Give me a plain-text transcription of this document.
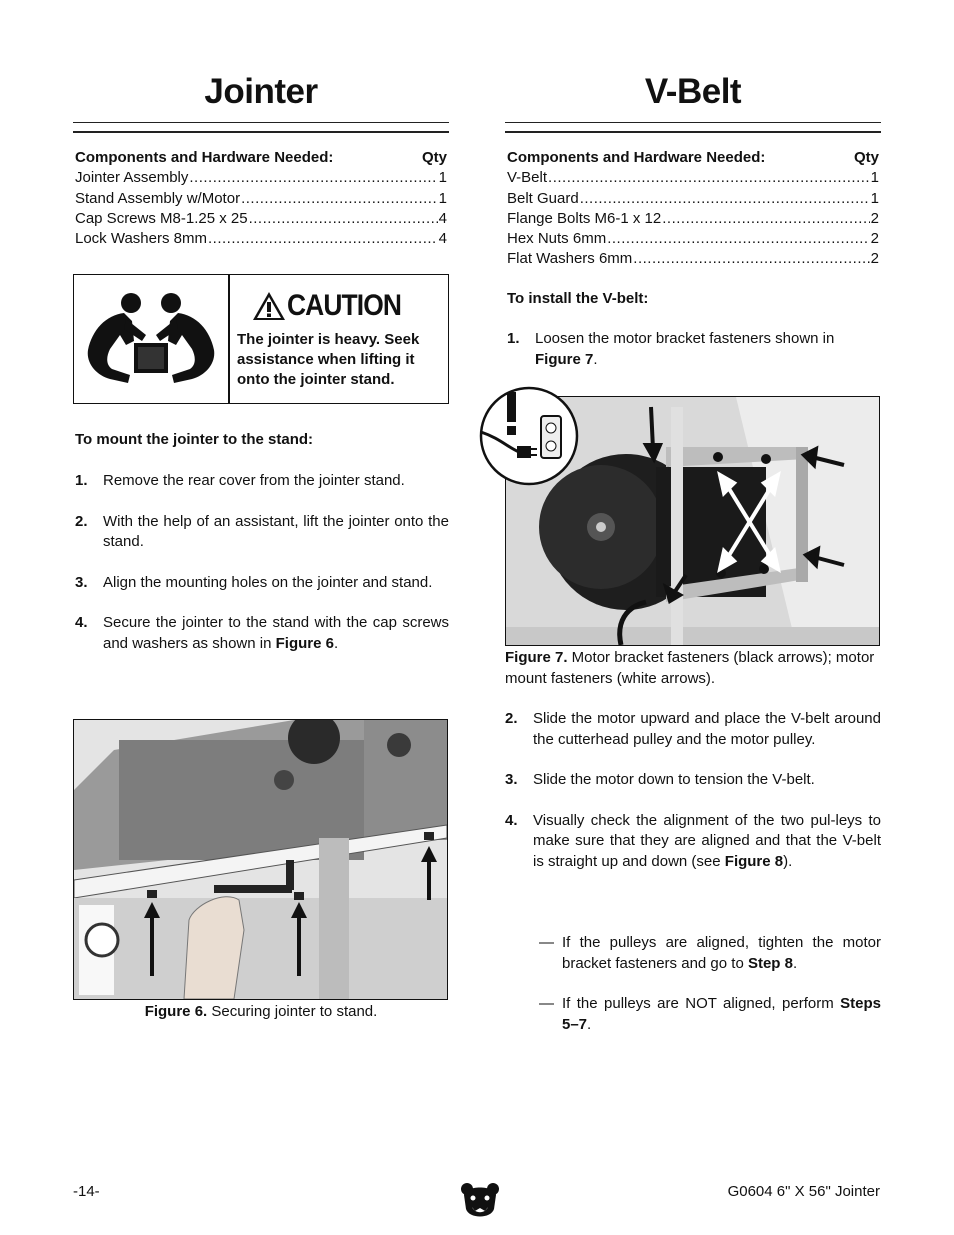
Jointer
Components and Hardware Needed:	Qty
Jointer Assembly .....	1
Stand Assembly w/Motor .....	1
Cap Screws M8-1.25 x 25 .....	4
Lock Washers 8mm .....	4
CAUTION
The jointer is heavy. Seek assistance when lifting it onto the jointer stand.
To mount the jointer to the stand:
1.	Remove the rear cover from the jointer stand.
2.	With the help of an assistant, lift the jointer onto the stand.
3.	Align the mounting holes on the jointer and stand.
4.	Secure the jointer to the stand with the cap screws and washers as shown in Figure 6.
Figure 6. Securing jointer to stand.
V-Belt
Components and Hardware Needed:	Qty
V-Belt .....	1
Belt Guard .....	1
Flange Bolts M6-1 x 12 .....	2
Hex Nuts 6mm .....	2
Flat Washers 6mm .....	2
To install the V-belt:
1.	Loosen the motor bracket fasteners shown in Figure 7.
Figure 7. Motor bracket fasteners (black arrows); motor mount fasteners (white arrows).
2.	Slide the motor upward and place the V-belt around the cutterhead pulley and the motor pulley.
3.	Slide the motor down to tension the V-belt.
4.	Visually check the alignment of the two pul-leys to make sure that they are aligned and that the V-belt is straight up and down (see Figure 8).
— If the pulleys are aligned, tighten the motor bracket fasteners and go to Step 8.
— If the pulleys are NOT aligned, perform Steps 5–7.
-14-	G0604 6" X 56" Jointer
